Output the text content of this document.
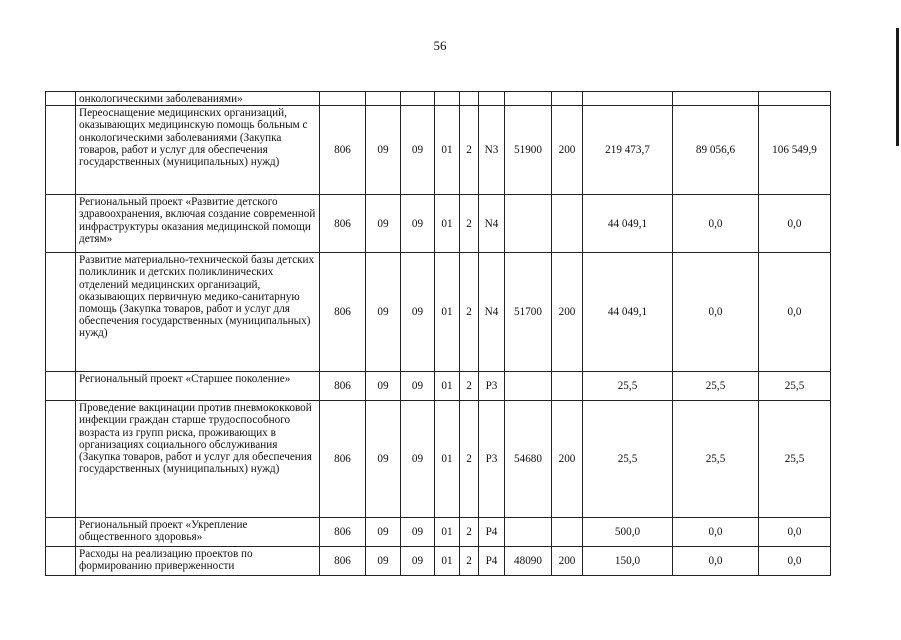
56
	онкологическими заболеваниями»											
	Переоснащение медицинских организаций, оказывающих медицинскую помощь больным с онкологическими заболеваниями (Закупка товаров, работ и услуг для обеспечения государственных (муниципальных) нужд)	806	09	09	01	2	N3	51900	200	219 473,7	89 056,6	106 549,9
	Региональный проект «Развитие детского здравоохранения, включая создание современной инфраструктуры оказания медицинской помощи детям»	806	09	09	01	2	N4			44 049,1	0,0	0,0
	Развитие материально-технической базы детских поликлиник и детских поликлинических отделений медицинских организаций, оказывающих первичную медико-санитарную помощь (Закупка товаров, работ и услуг для обеспечения государственных (муниципальных) нужд)	806	09	09	01	2	N4	51700	200	44 049,1	0,0	0,0
	Региональный проект «Старшее поколение»	806	09	09	01	2	P3			25,5	25,5	25,5
	Проведение вакцинации против пневмококковой инфекции граждан старше трудоспособного возраста из групп риска, проживающих в организациях социального обслуживания (Закупка товаров, работ и услуг для обеспечения государственных (муниципальных) нужд)	806	09	09	01	2	P3	54680	200	25,5	25,5	25,5
	Региональный проект «Укрепление общественного здоровья»	806	09	09	01	2	P4			500,0	0,0	0,0
	Расходы на реализацию проектов по формированию приверженности	806	09	09	01	2	P4	48090	200	150,0	0,0	0,0
